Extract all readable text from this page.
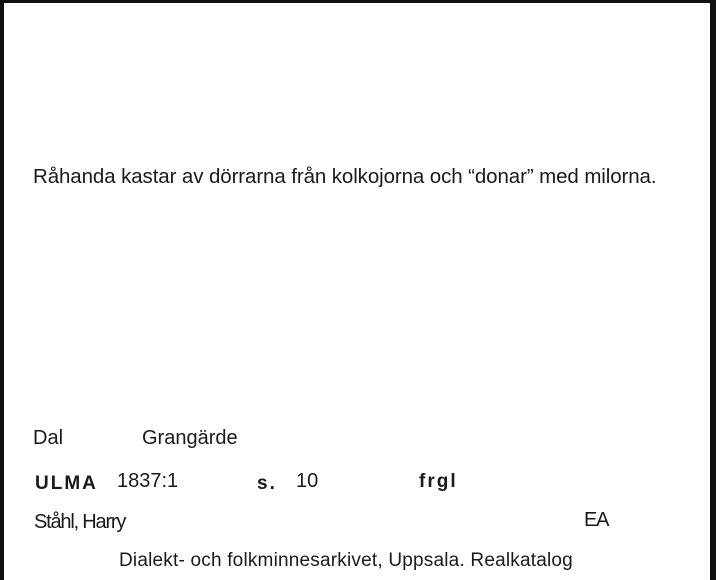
Råhanda kastar av dörrarna från kolkojorna och “donar” med milorna.
Dal	Grangärde
ULMA 1837:1	s. 10	frgl
Ståhl, Harry	EA
Dialekt- och folkminnesarkivet, Uppsala. Realkatalog
